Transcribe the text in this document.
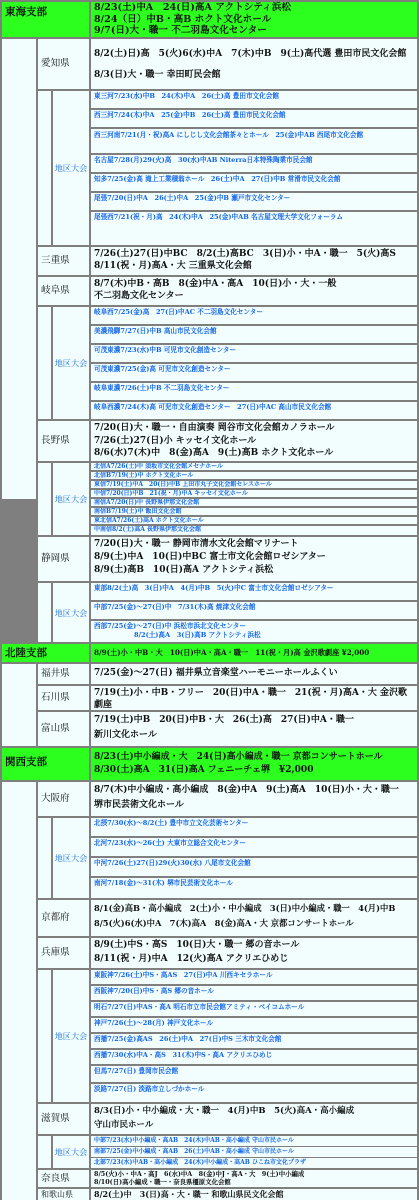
東海支部	8/23(土)中A　24(日)高A アクトシティ浜松
8/24（日）中B・高B ホクト文化ホール
9/7(日)大・職一 不二羽島文化センター
愛知県
8/2(土)日)高　5(火)6(水)中A　7(木)中B　9(土)高代選 豊田市民文化会館
8/3(日)大・職一 幸田町民会館
地区大会
東三河7/23(水)中B　24(木)中A　26(土)高 豊田市文化会館
西三河7/24(木)中A　25(金)中B　26(土)高 豊田市民文化会館
西三河南7/21(月・祝)高A にしじし文化会館茶々とホール　25(金)中AB 西尾市文化会館
名古屋7/28(月)29(火)高　30(水)中AB Niterra日本特殊陶業市民会館
知多7/25(金)高 滝上工業積翁ホール　26(土)中A　27(日)中B 常滑市民文化会館
尾張7/20(日)中A　26(土)中A　25(金)中B 瀬戸市文化センター
尾張西7/21(祝・月)高　24(木)中A　25(金)中AB 名古屋文理大学文化フォーラム
三重県
7/26(土)27(日)中BC　8/2(土)高BC　3(日)小・中A・職一　5(火)高S
8/11(祝・月)高A・大 三重県文化会館
岐阜県
8/7(木)中B・高B　8(金)中A・高A　10(日)小・大・一般
不二羽島文化センター
地区大会
岐阜西7/25(金)高　27(日)中AC 不二羽島文化センター
美濃飛騨7/27(日)中B 高山市民文化会館
可茂東濃7/23(水)中B 可児市文化創造センター
可茂東濃7/25(金)高 可児市文化創造センター
岐阜東濃7/26(土)中B 不二羽島文化センター
岐阜西濃7/24(木)高 可児市文化創造センター　27(日)中AC 高山市民文化会館
長野県
7/20(日)大・職一・自由演奏 岡谷市文化会館カノラホール
7/26(土)27(日)小 キッセイ文化ホール
8/6(水)7(木)中　8(金)高A　9(土)高B ホクト文化ホール
地区大会
北信A7/26(土)中 須坂市文化会館メセナホール
北信B7/19(土)中 ホクト文化ホール
東信7/19(土)中A　20(日)中B 上田市丸子文化会館セレスホール
中信7/20(日)中B　21(祝・月)中A キッセイ文化ホール
南信A7/20(日)中 長野県伊那文化会館
南信B7/19(土)中 飯田文化会館
東北信A7/26(土)高A ホクト文化ホール
中南信8/2(土)高A 長野県伊那文化会館
静岡県
7/20(日)大・職一 静岡市清水文化会館マリナート
8/9(土)中A　10(日)中BC 富士市文化会館ロゼシアター
8/9(土)高B　10(日)高A アクトシティ浜松
地区大会
東部8/2(土)高　3(日)中A　4(月)中B　5(火)中C 富士市文化会館ロゼシアター
中部7/25(金)〜27(日)中　7/31(木)高 焼津文化会館
西部7/25(金)〜27(日)中 浜松市浜北文化センター
8/2(土)高A　3(日)高B アクトシティ浜松
北陸支部	8/9(土)小・中B・大　10(日)中A・高A・職一　11(祝・月)高 金沢歌劇座 ¥2,000
福井県	7/25(金)〜27(日) 福井県立音楽堂ハーモニーホールふくい
石川県	7/19(土)小・中B・フリー　20(日)中A・職一　21(祝・月)高A・大 金沢歌劇座
富山県
7/19(土)中B　20(日)中B・大　26(土)高　27(日)中A・職一
新川文化ホール
関西支部	8/23(土)中小編成・大　24(日)高小編成・職一 京都コンサートホール
8/30(土)高A　31(日)高A フェニーチェ堺　¥2,000
大阪府
8/7(木)中小編成・高小編成　8(金)中A　9(土)高A　10(日)小・大・職一
堺市民芸術文化ホール
地区大会
北摂7/30(水)〜8/2(土) 豊中市立文化芸術センター
北河7/23(水)〜26(土) 大東市立総合文化センター
中河7/26(土)27(日)29(火)30(水) 八尾市文化会館
南河7/18(金)〜31(木) 堺市民芸術文化ホール
京都府
8/1(金)高B・高小編成　2(土)小・中小編成　3(日)中小編成・職一　4(月)中B
8/5(火)6(水)中A　7(木)高A　8(金)高A・大 京都コンサートホール
兵庫県
8/9(土)中S・高S　10(日)大・職一 郷の音ホール
8/11(祝・月)中A　12(火)高A アクリエひめじ
地区大会
東阪神7/26(土)中S・高AS　27(日)中A 川西キセラホール
西阪神7/20(日)中S・高S 郷の音ホール
明石7/27(日)中AS・高A 明石市立市民会館アミティ・ベイコムホール
神戸7/26(土)〜28(月) 神戸文化ホール
西播7/25(金)高AS　26(土)中A　27(日)中S 三木市文化会館
西播7/30(水)中A・高S　31(木)中S・高A アクリエひめじ
但馬7/27(日) 豊岡市民会館
淡路7/27(日) 淡路市立しづかホール
滋賀県
8/3(日)小・中小編成・大・職一　4(月)中B　5(火)高A・高小編成
守山市民ホール
地区大会
中部7/23(水)中小編成・高AB　24(木)中AB・高小編成 守山市民ホール
南部7/25(金)中小編成・高AB　26(土)中AB・高小編成 守山市民ホール
北部7/23(水)中AB・高小編成　24(木)中小編成・高AB ひこね市文化プラザ
奈良県	8/5(火)小・中A・高J　6(水)中A　8(金)中J・高A・大　9(土)中小編成
8/10(日)高小編成・職一・奈良県橿原文化会館
和歌山県	8/2(土)中　3(日)高・大・職一 和歌山県民文化会館
